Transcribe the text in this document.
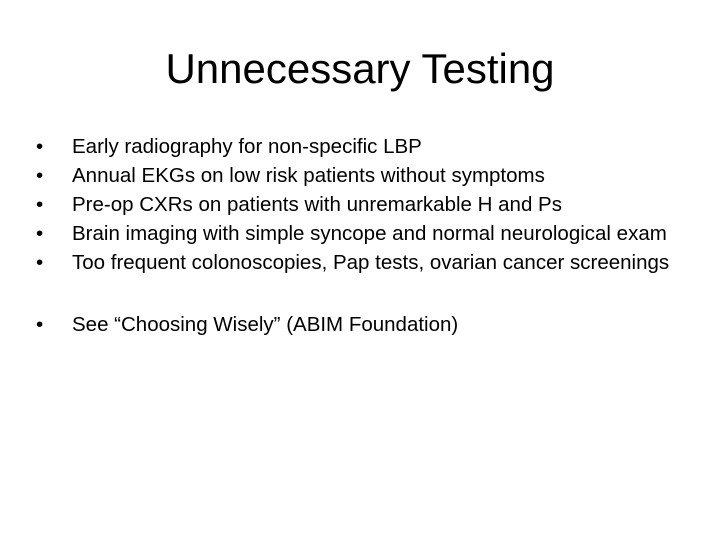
Unnecessary Testing
•	Early radiography for non-specific LBP
•	Annual EKGs on low risk patients without symptoms
•	Pre-op CXRs on patients with unremarkable H and Ps
•	Brain imaging with simple syncope and normal neurological exam
•	Too frequent colonoscopies, Pap tests, ovarian cancer screenings
•	See “Choosing Wisely” (ABIM Foundation)
